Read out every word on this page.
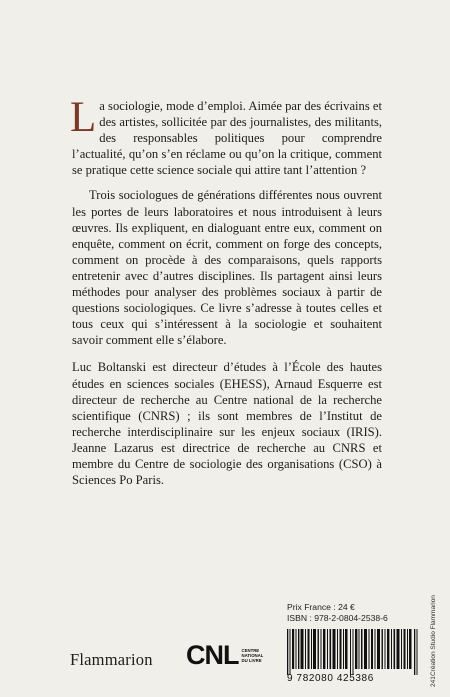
La sociologie, mode d’emploi. Aimée par des écrivains et des artistes, sollicitée par des journalistes, des militants, des responsables politiques pour comprendre l’actualité, qu’on s’en réclame ou qu’on la critique, comment se pratique cette science sociale qui attire tant l’attention ?

Trois sociologues de générations différentes nous ouvrent les portes de leurs laboratoires et nous introduisent à leurs œuvres. Ils expliquent, en dialoguant entre eux, comment on enquête, comment on écrit, comment on forge des concepts, comment on procède à des comparaisons, quels rapports entretenir avec d’autres disciplines. Ils partagent ainsi leurs méthodes pour analyser des problèmes sociaux à partir de questions sociologiques. Ce livre s’adresse à toutes celles et tous ceux qui s’intéressent à la sociologie et souhaitent savoir comment elle s’élabore.

Luc Boltanski est directeur d’études à l’École des hautes études en sciences sociales (EHESS), Arnaud Esquerre est directeur de recherche au Centre national de la recherche scientifique (CNRS) ; ils sont membres de l’Institut de recherche interdisciplinaire sur les enjeux sociaux (IRIS). Jeanne Lazarus est directrice de recherche au CNRS et membre du Centre de sociologie des organisations (CSO) à Sciences Po Paris.

Prix France : 24 €
ISBN : 978-2-0804-2538-6
9 782080 425386
Flammarion CNL CENTRE NATIONAL DU LIVRE	Création Studio Flammarion
241
